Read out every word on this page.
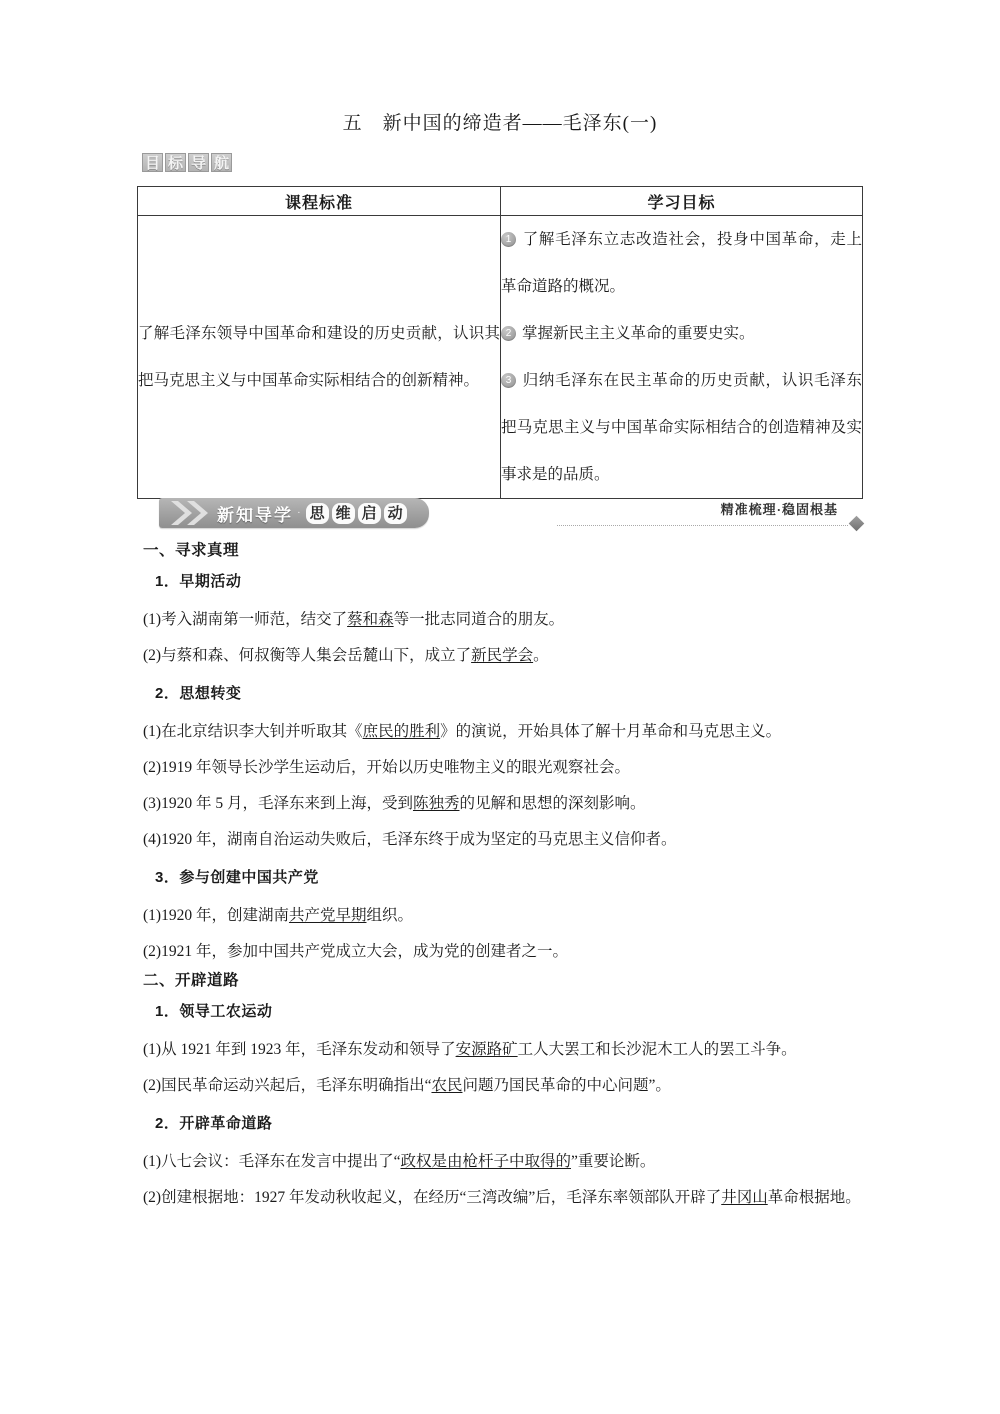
五　新中国的缔造者——毛泽东(一)
目 标 导 航
课程标准	学习目标
了解毛泽东领导中国革命和建设的历史贡献，认识其把马克思主义与中国革命实际相结合的创新精神。	1 了解毛泽东立志改造社会，投身中国革命，走上革命道路的概况。
2 掌握新民主主义革命的重要史实。
3 归纳毛泽东在民主革命的历史贡献，认识毛泽东把马克思主义与中国革命实际相结合的创造精神及实事求是的品质。
新知导学 · 思 维 启 动	精准梳理·稳固根基
一、寻求真理
1．早期活动

(1)考入湖南第一师范，结交了蔡和森等一批志同道合的朋友。

(2)与蔡和森、何叔衡等人集会岳麓山下，成立了新民学会。

2．思想转变

(1)在北京结识李大钊并听取其《庶民的胜利》的演说，开始具体了解十月革命和马克思主义。

(2)1919 年领导长沙学生运动后，开始以历史唯物主义的眼光观察社会。

(3)1920 年 5 月，毛泽东来到上海，受到陈独秀的见解和思想的深刻影响。

(4)1920 年，湖南自治运动失败后，毛泽东终于成为坚定的马克思主义信仰者。

3．参与创建中国共产党

(1)1920 年，创建湖南共产党早期组织。

(2)1921 年，参加中国共产党成立大会，成为党的创建者之一。

二、开辟道路
1．领导工农运动

(1)从 1921 年到 1923 年，毛泽东发动和领导了安源路矿工人大罢工和长沙泥木工人的罢工斗争。

(2)国民革命运动兴起后，毛泽东明确指出“农民问题乃国民革命的中心问题”。

2．开辟革命道路

(1)八七会议：毛泽东在发言中提出了“政权是由枪杆子中取得的”重要论断。

(2)创建根据地：1927 年发动秋收起义，在经历“三湾改编”后，毛泽东率领部队开辟了井冈山革命根据地。
